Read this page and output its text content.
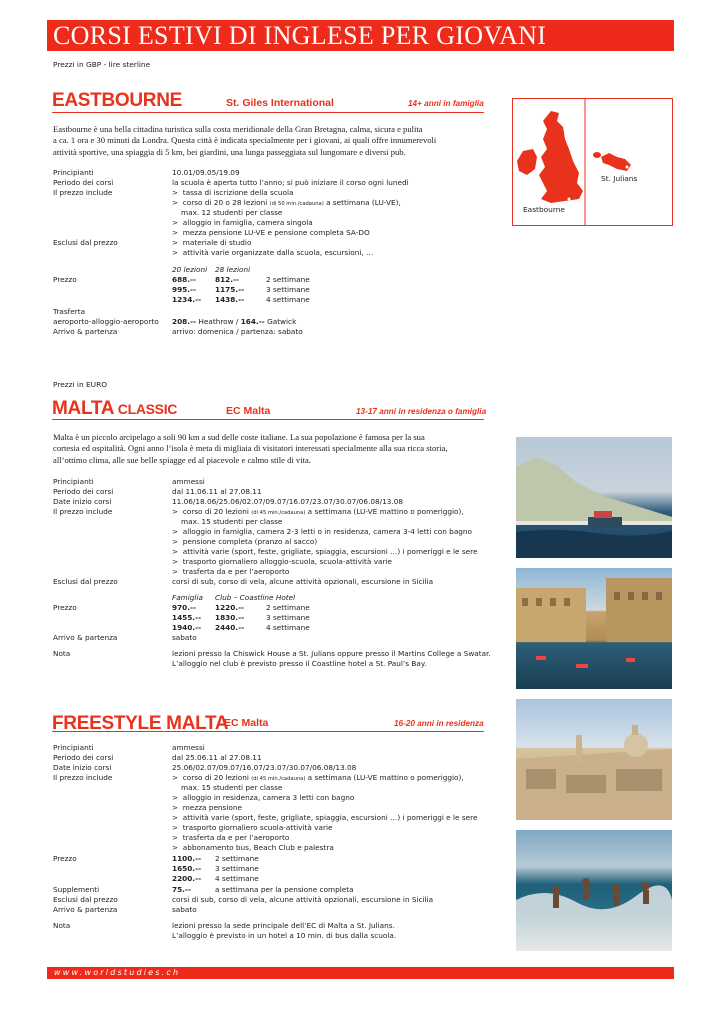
CORSI ESTIVI DI INGLESE PER GIOVANI
Prezzi in GBP - lire sterline
EASTBOURNE	St. Giles International	14+ anni in famiglia
Eastbourne è una bella cittadina turistica sulla costa meridionale della Gran Bretagna, calma, sicura e pulita
a ca. 1 ora e 30 minuti da Londra. Questa città è indicata specialmente per i giovani, ai quali offre innumerevoli
attività sportive, una spiaggia di 5 km, bei giardini, una lunga passeggiata sul lungomare e diversi pub.
Principianti	10.01/09.05/19.09
Periodo dei corsi	la scuola è aperta tutto l’anno; si può iniziare il corso ogni lunedì
Il prezzo include	> tassa di iscrizione della scuola
> corso di 20 o 28 lezioni (di 50 min./cadauna) a settimana (LU-VE),
max. 12 studenti per classe
> alloggio in famiglia, camera singola
> mezza pensione LU-VE e pensione completa SA-DO
Esclusi dal prezzo	> materiale di studio
> attività varie organizzate dalla scuola, escursioni, …
20 lezioni 28 lezioni
Prezzo	688.--	812.--	2 settimane
995.--	1175.--	3 settimane
1234.-- 1438.--	4 settimane
Trasferta
aeroporto-alloggio-aeroporto 208.-- Heathrow / 164.-- Gatwick
Arrivo & partenza	arrivo: domenica / partenza: sabato
St. Julians
Eastbourne
Prezzi in EURO
MALTA CLASSIC	EC Malta	13-17 anni in residenza o famiglia
Malta è un piccolo arcipelago a soli 90 km a sud delle coste italiane. La sua popolazione è famosa per la sua
cortesia ed ospitalità. Ogni anno l’isola è meta di migliaia di visitatori interessati specialmente alla sua ricca storia,
all’ottimo clima, alle sue belle spiagge ed al piacevole e calmo stile di vita.
Principianti	ammessi
Periodo dei corsi	dal 11.06.11 al 27.08.11
Date inizio corsi	11.06/18.06/25.06/02.07/09.07/16.07/23.07/30.07/06.08/13.08
Il prezzo include	> corso di 20 lezioni (di 45 min./cadauna) a settimana (LU-VE mattino o pomeriggio),
max. 15 studenti per classe
> alloggio in famiglia, camera 2-3 letti o in residenza, camera 3-4 letti con bagno
> pensione completa (pranzo al sacco)
> attività varie (sport, feste, grigliate, spiaggia, escursioni …) i pomeriggi e le sere
> trasporto giornaliero alloggio-scuola, scuola-attività varie
> trasferta da e per l’aeroporto
Esclusi dal prezzo	corsi di sub, corso di vela, alcune attività opzionali, escursione in Sicilia
Famiglia Club – Coastline Hotel
Prezzo	970.--	1220.--	2 settimane
1455.-- 1830.--	3 settimane
1940.-- 2440.--	4 settimane
Arrivo & partenza	sabato
Nota	lezioni presso la Chiswick House a St. Julians oppure presso il Martins College a Swatar.
L’alloggio nel club è previsto presso il Coastline hotel a St. Paul’s Bay.
FREESTYLE MALTA
EC Malta	16-20 anni in residenza
Principianti	ammessi
Periodo dei corsi	dal 25.06.11 al 27.08.11
Date inizio corsi	25.06/02.07/09.07/16.07/23.07/30.07/06.08/13.08
Il prezzo include	> corso di 20 lezioni (di 45 min./cadauna) a settimana (LU-VE mattino o pomeriggio),
max. 15 studenti per classe
> alloggio in residenza, camera 3 letti con bagno
> mezza pensione
> attività varie (sport, feste, grigliate, spiaggia, escursioni …) i pomeriggi e le sere
> trasporto giornaliero scuola-attività varie
> trasferta da e per l’aeroporto
> abbonamento bus, Beach Club e palestra
Prezzo	1100.-- 2 settimane
1650.-- 3 settimane
2200.-- 4 settimane
Supplementi	75.--	a settimana per la pensione completa
Esclusi dal prezzo	corsi di sub, corso di vela, alcune attività opzionali, escursione in Sicilia
Arrivo & partenza	sabato
Nota	lezioni presso la sede principale dell’EC di Malta a St. Julians.
L’alloggio è previsto in un hotel a 10 min. di bus dalla scuola.
www.worldstudies.ch
